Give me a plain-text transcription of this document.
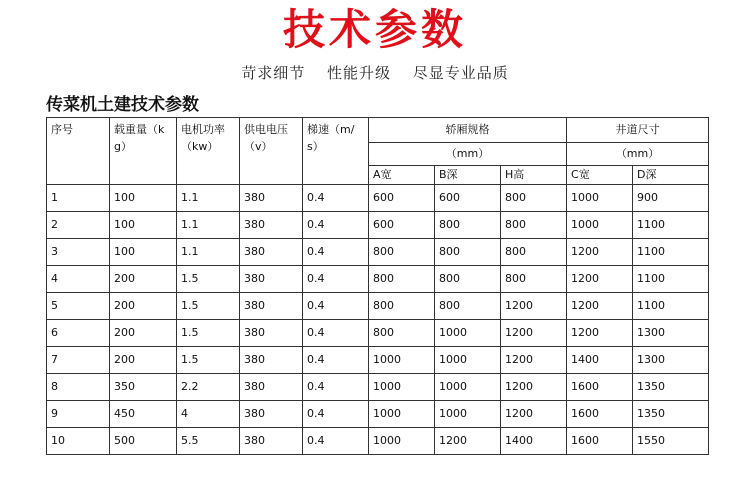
技术参数
苛求细节 性能升级 尽显专业品质
传菜机土建技术参数
序号	载重量（kg）	电机功率（kw）	供电电压（v）	梯速（m/s）	轿厢规格			井道尺寸	
					（mm）			（mm）	
					A宽	B深	H高	C宽	D深
1	100	1.1	380	0.4	600	600	800	1000	900
2	100	1.1	380	0.4	600	800	800	1000	1100
3	100	1.1	380	0.4	800	800	800	1200	1100
4	200	1.5	380	0.4	800	800	800	1200	1100
5	200	1.5	380	0.4	800	800	1200	1200	1100
6	200	1.5	380	0.4	800	1000	1200	1200	1300
7	200	1.5	380	0.4	1000	1000	1200	1400	1300
8	350	2.2	380	0.4	1000	1000	1200	1600	1350
9	450	4	380	0.4	1000	1000	1200	1600	1350
10	500	5.5	380	0.4	1000	1200	1400	1600	1550
